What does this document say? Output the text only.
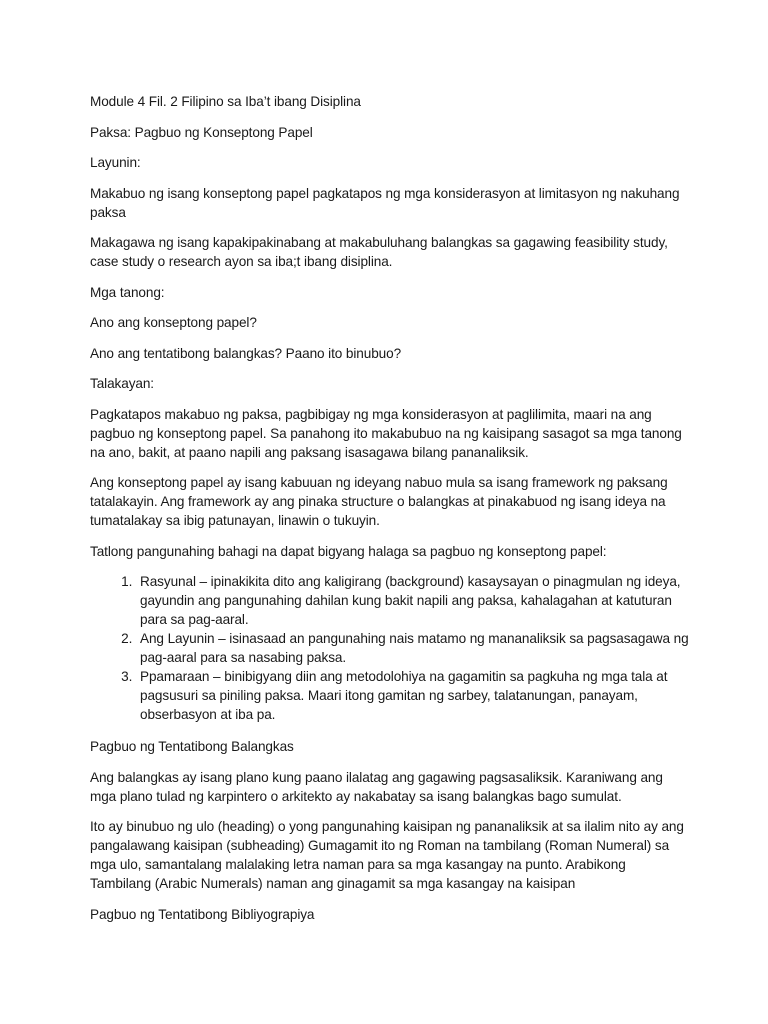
Module 4 Fil. 2 Filipino sa Iba’t ibang Disiplina

Paksa: Pagbuo ng Konseptong Papel

Layunin:

Makabuo ng isang konseptong papel pagkatapos ng mga konsiderasyon at limitasyon ng nakuhang paksa

Makagawa ng isang kapakipakinabang at makabuluhang balangkas sa gagawing feasibility study, case study o research ayon sa iba;t ibang disiplina.

Mga tanong:

Ano ang konseptong papel?

Ano ang tentatibong balangkas? Paano ito binubuo?

Talakayan:

Pagkatapos makabuo ng paksa, pagbibigay ng mga konsiderasyon at paglilimita, maari na ang pagbuo ng konseptong papel. Sa panahong ito makabubuo na ng kaisipang sasagot sa mga tanong na ano, bakit, at paano napili ang paksang isasagawa bilang pananaliksik.

Ang konseptong papel ay isang kabuuan ng ideyang nabuo mula sa isang framework ng paksang tatalakayin. Ang framework ay ang pinaka structure o balangkas at pinakabuod ng isang ideya na tumatalakay sa ibig patunayan, linawin o tukuyin.

Tatlong pangunahing bahagi na dapat bigyang halaga sa pagbuo ng konseptong papel:

1. Rasyunal – ipinakikita dito ang kaligirang (background) kasaysayan o pinagmulan ng ideya, gayundin ang pangunahing dahilan kung bakit napili ang paksa, kahalagahan at katuturan para sa pag-aaral.
2. Ang Layunin – isinasaad an pangunahing nais matamo ng mananaliksik sa pagsasagawa ng pag-aaral para sa nasabing paksa.
3. Ppamaraan – binibigyang diin ang metodolohiya na gagamitin sa pagkuha ng mga tala at pagsusuri sa piniling paksa. Maari itong gamitan ng sarbey, talatanungan, panayam, obserbasyon at iba pa.

Pagbuo ng Tentatibong Balangkas

Ang balangkas ay isang plano kung paano ilalatag ang gagawing pagsasaliksik. Karaniwang ang mga plano tulad ng karpintero o arkitekto ay nakabatay sa isang balangkas bago sumulat.

Ito ay binubuo ng ulo (heading) o yong pangunahing kaisipan ng pananaliksik at sa ilalim nito ay ang pangalawang kaisipan (subheading) Gumagamit ito ng Roman na tambilang (Roman Numeral) sa mga ulo, samantalang malalaking letra naman para sa mga kasangay na punto. Arabikong Tambilang (Arabic Numerals) naman ang ginagamit sa mga kasangay na kaisipan

Pagbuo ng Tentatibong Bibliyograpiya
